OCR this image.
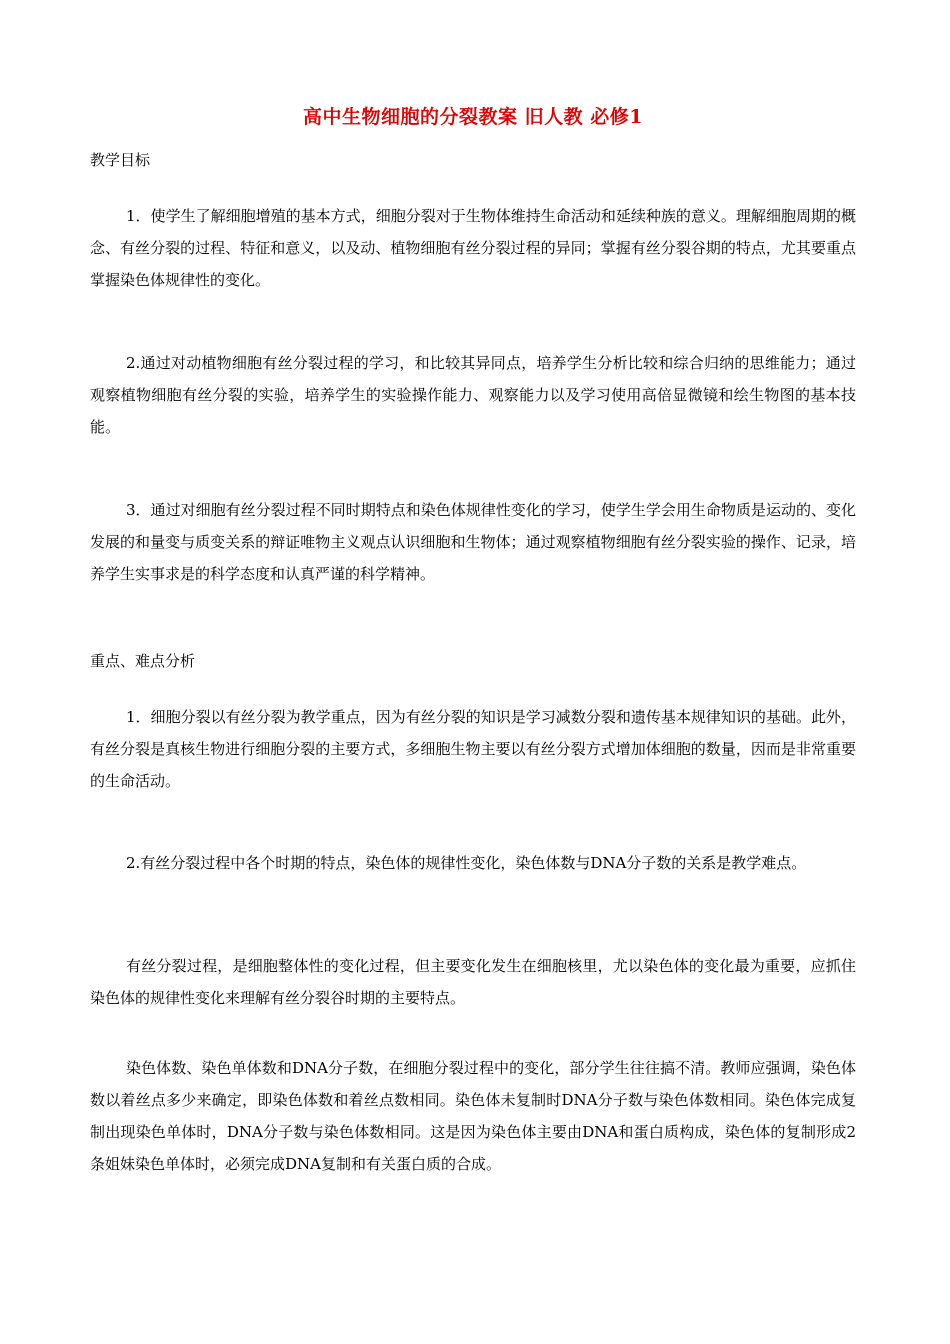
高中生物细胞的分裂教案 旧人教 必修1
教学目标

1．使学生了解细胞增殖的基本方式，细胞分裂对于生物体维持生命活动和延续种族的意义。理解细胞周期的概念、有丝分裂的过程、特征和意义，以及动、植物细胞有丝分裂过程的异同；掌握有丝分裂谷期的特点，尤其要重点掌握染色体规律性的变化。

2.通过对动植物细胞有丝分裂过程的学习，和比较其异同点，培养学生分析比较和综合归纳的思维能力；通过观察植物细胞有丝分裂的实验，培养学生的实验操作能力、观察能力以及学习使用高倍显微镜和绘生物图的基本技能。

3．通过对细胞有丝分裂过程不同时期特点和染色体规律性变化的学习，使学生学会用生命物质是运动的、变化发展的和量变与质变关系的辩证唯物主义观点认识细胞和生物体；通过观察植物细胞有丝分裂实验的操作、记录，培养学生实事求是的科学态度和认真严谨的科学精神。

重点、难点分析

1．细胞分裂以有丝分裂为教学重点，因为有丝分裂的知识是学习减数分裂和遗传基本规律知识的基础。此外，有丝分裂是真核生物进行细胞分裂的主要方式，多细胞生物主要以有丝分裂方式增加体细胞的数量，因而是非常重要的生命活动。

2.有丝分裂过程中各个时期的特点，染色体的规律性变化，染色体数与DNA分子数的关系是教学难点。

有丝分裂过程，是细胞整体性的变化过程，但主要变化发生在细胞核里，尤以染色体的变化最为重要，应抓住染色体的规律性变化来理解有丝分裂谷时期的主要特点。

染色体数、染色单体数和DNA分子数，在细胞分裂过程中的变化，部分学生往往搞不清。教师应强调，染色体数以着丝点多少来确定，即染色体数和着丝点数相同。染色体未复制时DNA分子数与染色体数相同。染色体完成复制出现染色单体时，DNA分子数与染色体数相同。这是因为染色体主要由DNA和蛋白质构成，染色体的复制形成2条姐妹染色单体时，必须完成DNA复制和有关蛋白质的合成。
